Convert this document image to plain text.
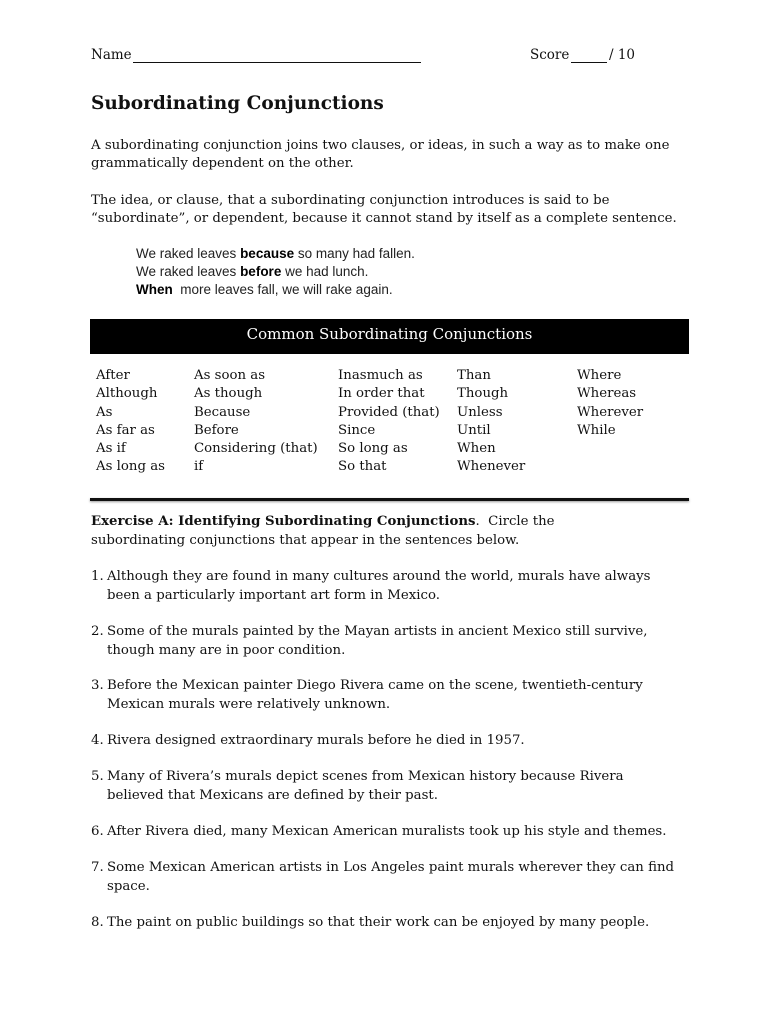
Name	Score	/ 10
Subordinating Conjunctions

A subordinating conjunction joins two clauses, or ideas, in such a way as to make one grammatically dependent on the other.

The idea, or clause, that a subordinating conjunction introduces is said to be “subordinate”, or dependent, because it cannot stand by itself as a complete sentence.

We raked leaves because so many had fallen.
We raked leaves before we had lunch.
When  more leaves fall, we will rake again.
Common Subordinating Conjunctions
After
Although
As
As far as
As if
As long as
As soon as
As though
Because
Before
Considering (that)
if
Inasmuch as
In order that
Provided (that)
Since
So long as
So that
Than
Though
Unless
Until
When
Whenever
Where
Whereas
Wherever
While

Exercise A: Identifying Subordinating Conjunctions.  Circle the subordinating conjunctions that appear in the sentences below.

1. Although they are found in many cultures around the world, murals have always been a particularly important art form in Mexico.
2. Some of the murals painted by the Mayan artists in ancient Mexico still survive, though many are in poor condition.
3. Before the Mexican painter Diego Rivera came on the scene, twentieth-century Mexican murals were relatively unknown.
4. Rivera designed extraordinary murals before he died in 1957.
5. Many of Rivera’s murals depict scenes from Mexican history because Rivera believed that Mexicans are defined by their past.
6. After Rivera died, many Mexican American muralists took up his style and themes.
7. Some Mexican American artists in Los Angeles paint murals wherever they can find space.
8. The paint on public buildings so that their work can be enjoyed by many people.
